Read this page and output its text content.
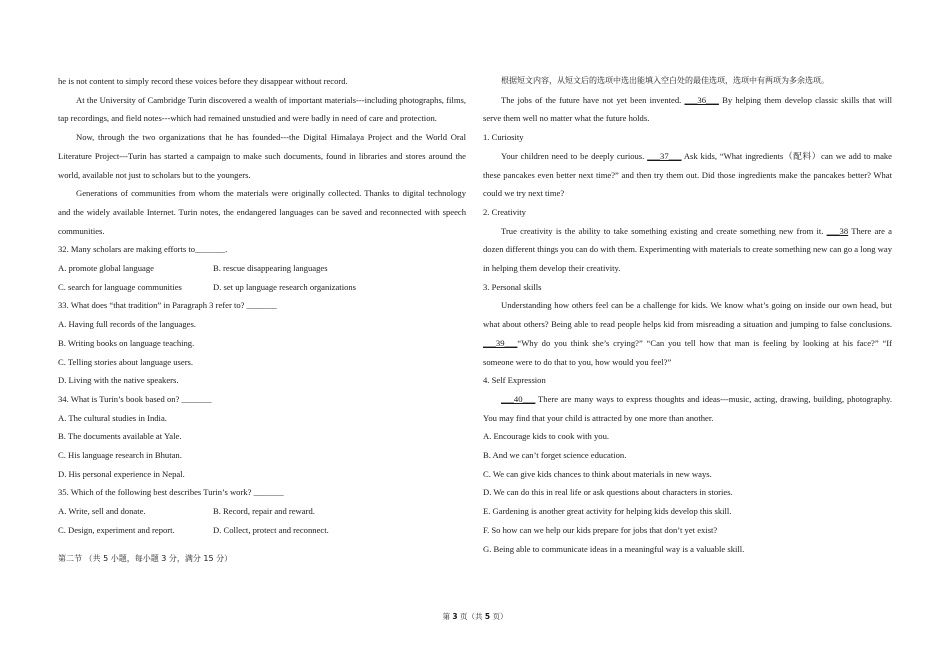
he is not content to simply record these voices before they disappear without record.

At the University of Cambridge Turin discovered a wealth of important materials---including photographs, films, tap recordings, and field notes---which had remained unstudied and were badly in need of care and protection.

Now, through the two organizations that he has founded---the Digital Himalaya Project and the World Oral Literature Project---Turin has started a campaign to make such documents, found in libraries and stores around the world, available not just to scholars but to the youngers.

Generations of communities from whom the materials were originally collected. Thanks to digital technology and the widely available Internet. Turin notes, the endangered languages can be saved and reconnected with speech communities.

32. Many scholars are making efforts to_______.

A. promote global language	B. rescue disappearing languages
C. search for language communities	D. set up language research organizations

33. What does “that tradition” in Paragraph 3 refer to? _______

A. Having full records of the languages.

B. Writing books on language teaching.

C. Telling stories about language users.

D. Living with the native speakers.

34. What is Turin’s book based on? _______

A. The cultural studies in India.

B. The documents available at Yale.

C. His language research in Bhutan.

D. His personal experience in Nepal.

35. Which of the following best describes Turin’s work? _______

A. Write, sell and donate.	B. Record, repair and reward.
C. Design, experiment and report.	D. Collect, protect and reconnect.

第二节 （共 5 小题，每小题 3 分，满分 15 分）

根据短文内容，从短文后的选项中选出能填入空白处的最佳选项，选项中有两项为多余选项。

The jobs of the future have not yet been invented. ___36___ By helping them develop classic skills that will serve them well no matter what the future holds.

1. Curiosity

Your children need to be deeply curious. ___37___ Ask kids, “What ingredients（配料）can we add to make these pancakes even better next time?” and then try them out. Did those ingredients make the pancakes better? What could we try next time?

2. Creativity

True creativity is the ability to take something existing and create something new from it. ___38 There are a dozen different things you can do with them. Experimenting with materials to create something new can go a long way in helping them develop their creativity.

3. Personal skills

Understanding how others feel can be a challenge for kids. We know what’s going on inside our own head, but what about others? Being able to read people helps kid from misreading a situation and jumping to false conclusions. ___39___“Why do you think she’s crying?” “Can you tell how that man is feeling by looking at his face?” “If someone were to do that to you, how would you feel?”

4. Self Expression

___40___ There are many ways to express thoughts and ideas---music, acting, drawing, building, photography. You may find that your child is attracted by one more than another.

A. Encourage kids to cook with you.

B. And we can’t forget science education.

C. We can give kids chances to think about materials in new ways.

D. We can do this in real life or ask questions about characters in stories.

E. Gardening is another great activity for helping kids develop this skill.

F. So how can we help our kids prepare for jobs that don’t yet exist?

G. Being able to communicate ideas in a meaningful way is a valuable skill.

第 3 页（共 5 页）
